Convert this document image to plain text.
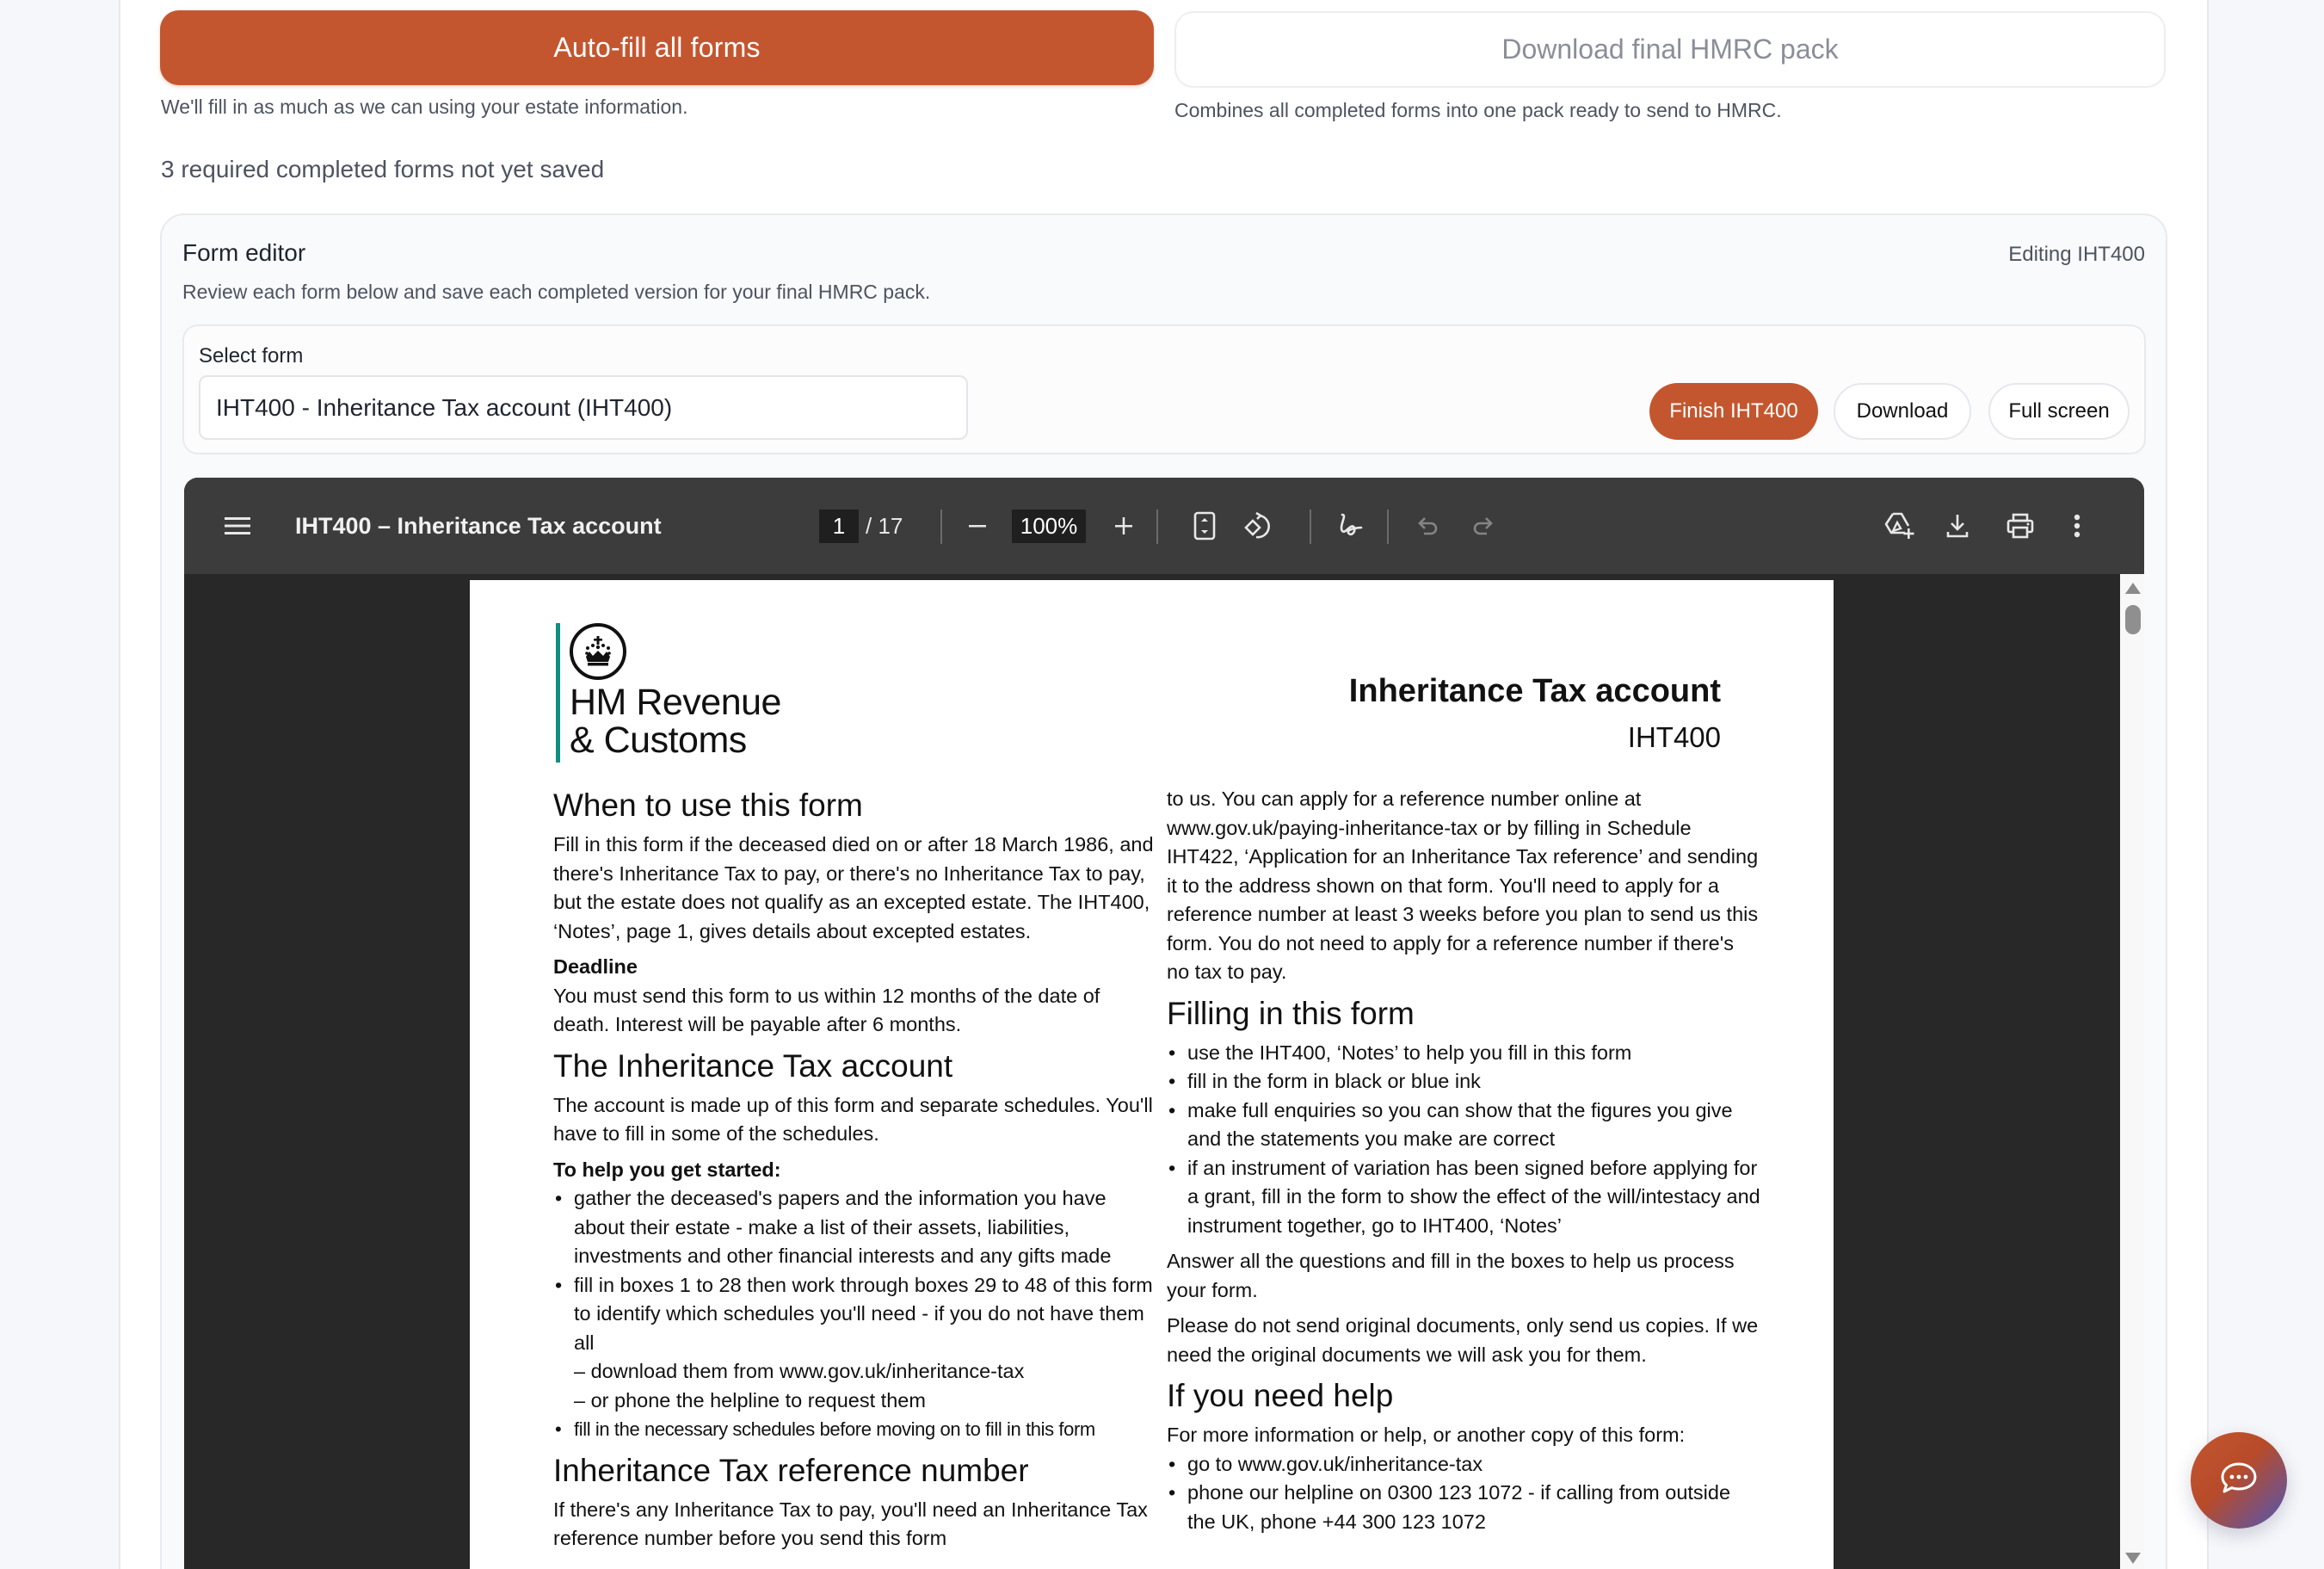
Auto-fill all forms
We'll fill in as much as we can using your estate information.
Download final HMRC pack
Combines all completed forms into one pack ready to send to HMRC.
3 required completed forms not yet saved
Form editor
Review each form below and save each completed version for your final HMRC pack.
Editing IHT400
Select form
IHT400 - Inheritance Tax account (IHT400)	Finish IHT400	Download	Full screen
IHT400 – Inheritance Tax account	1 / 17	100%
HM Revenue
& Customs
Inheritance Tax account
IHT400
When to use this form

Fill in this form if the deceased died on or after 18 March 1986, and there's Inheritance Tax to pay, or there's no Inheritance Tax to pay, but the estate does not qualify as an excepted estate. The IHT400, ‘Notes’, page 1, gives details about excepted estates.

Deadline

You must send this form to us within 12 months of the date of death. Interest will be payable after 6 months.

The Inheritance Tax account

The account is made up of this form and separate schedules. You'll have to fill in some of the schedules.

To help you get started:
• gather the deceased's papers and the information you have about their estate - make a list of their assets, liabilities, investments and other financial interests and any gifts made
• fill in boxes 1 to 28 then work through boxes 29 to 48 of this form to identify which schedules you'll need - if you do not have them all
– download them from www.gov.uk/inheritance-tax
– or phone the helpline to request them
• fill in the necessary schedules before moving on to fill in this form
Inheritance Tax reference number

If there's any Inheritance Tax to pay, you'll need an Inheritance Tax reference number before you send this form

to us. You can apply for a reference number online at www.gov.uk/paying-inheritance-tax or by filling in Schedule IHT422, ‘Application for an Inheritance Tax reference’ and sending it to the address shown on that form. You'll need to apply for a reference number at least 3 weeks before you plan to send us this form. You do not need to apply for a reference number if there's no tax to pay.

Filling in this form
• use the IHT400, ‘Notes’ to help you fill in this form
• fill in the form in black or blue ink
• make full enquiries so you can show that the figures you give and the statements you make are correct
• if an instrument of variation has been signed before applying for a grant, fill in the form to show the effect of the will/intestacy and instrument together, go to IHT400, ‘Notes’

Answer all the questions and fill in the boxes to help us process your form.

Please do not send original documents, only send us copies. If we need the original documents we will ask you for them.

If you need help

For more information or help, or another copy of this form:

• go to www.gov.uk/inheritance-tax
• phone our helpline on 0300 123 1072 - if calling from outside the UK, phone +44 300 123 1072
